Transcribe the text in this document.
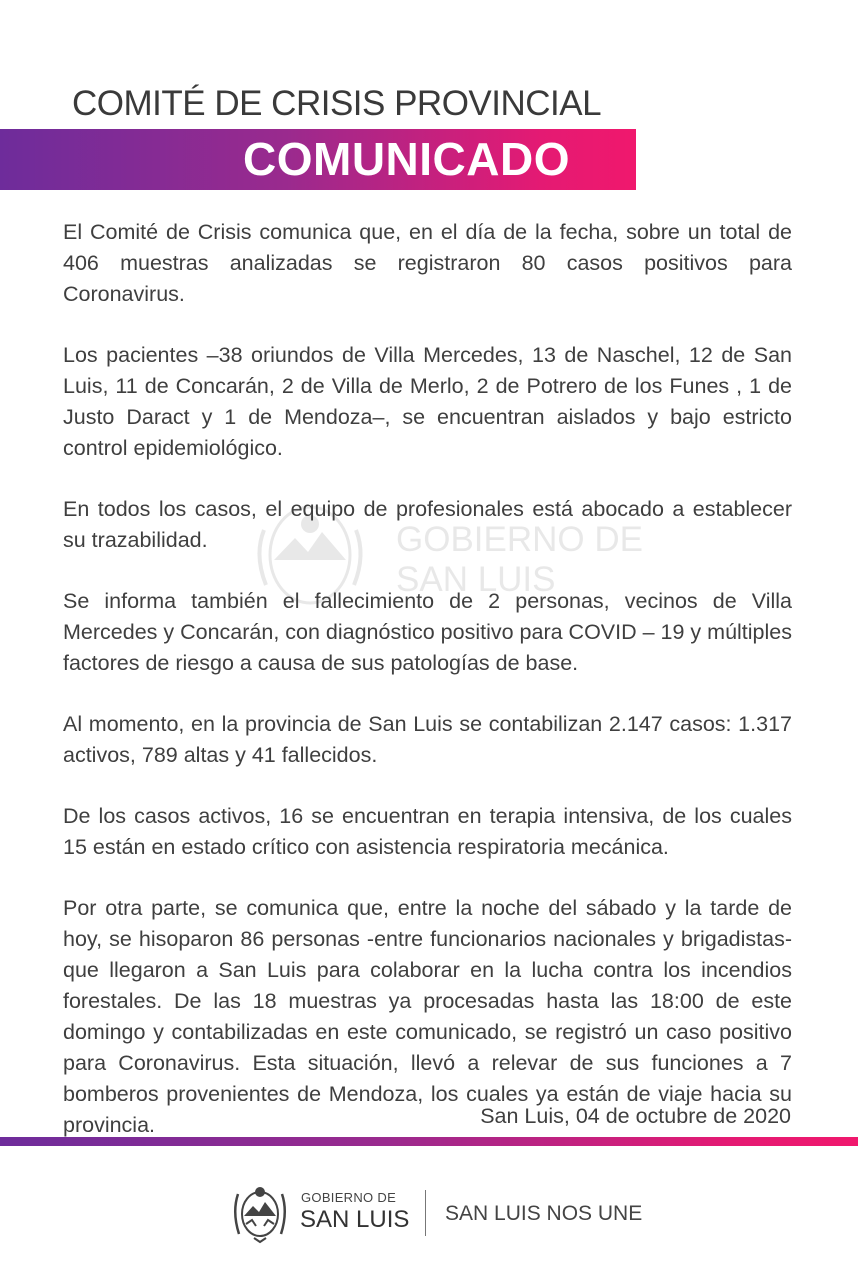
COMITÉ DE CRISIS PROVINCIAL
COMUNICADO
GOBIERNO DE
SAN LUIS

El Comité de Crisis comunica que, en el día de la fecha, sobre un total de 406 muestras analizadas se registraron 80 casos positivos para Coronavirus.

Los pacientes –38 oriundos de Villa Mercedes, 13 de Naschel, 12 de San Luis, 11 de Concarán, 2 de Villa de Merlo, 2 de Potrero de los Funes , 1 de Justo Daract y 1 de Mendoza–, se encuentran aislados y bajo estricto control epidemiológico.

En todos los casos, el equipo de profesionales está abocado a establecer su trazabilidad.

Se informa también el fallecimiento de 2 personas, vecinos de Villa Mercedes y Concarán, con diagnóstico positivo para COVID – 19 y múltiples factores de riesgo a causa de sus patologías de base.

Al momento, en la provincia de San Luis se contabilizan 2.147 casos: 1.317 activos, 789 altas y 41 fallecidos.

De los casos activos, 16 se encuentran en terapia intensiva, de los cuales 15 están en estado crítico con asistencia respiratoria mecánica.

Por otra parte, se comunica que, entre la noche del sábado y la tarde de hoy, se hisoparon 86 personas -entre funcionarios nacionales y brigadistas- que llegaron a San Luis para colaborar en la lucha contra los incendios forestales. De las 18 muestras ya procesadas hasta las 18:00 de este domingo y contabilizadas en este comunicado, se registró un caso positivo para Coronavirus. Esta situación, llevó a relevar de sus funciones a 7 bomberos provenientes de Mendoza, los cuales ya están de viaje hacia su provincia.	San Luis, 04 de octubre de 2020
GOBIERNO DE
SAN LUIS SAN LUIS NOS UNE
